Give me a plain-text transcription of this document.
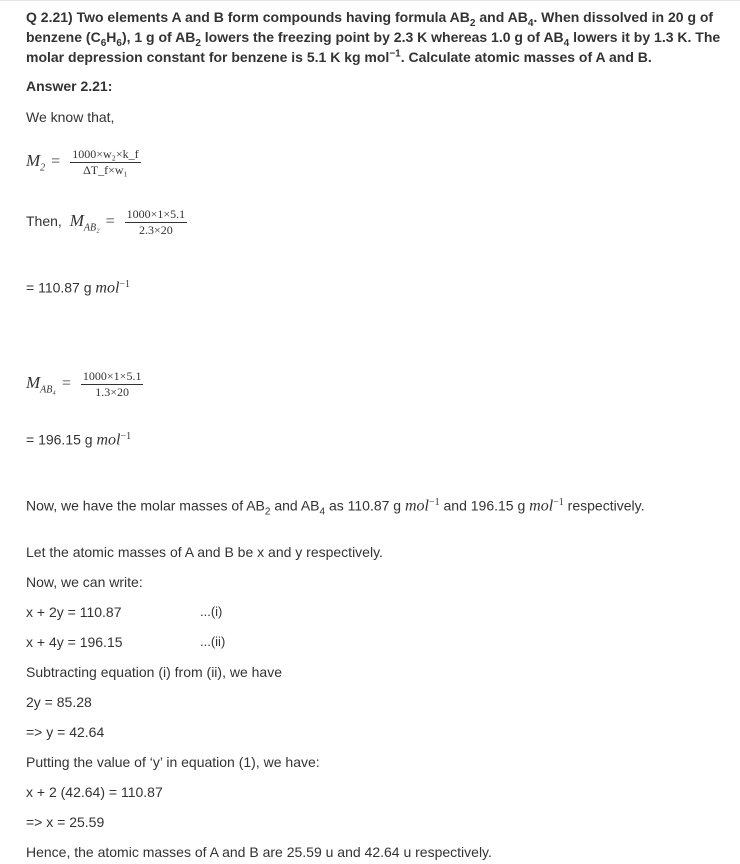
Q 2.21) Two elements A and B form compounds having formula $AB_2$ and $AB_4$. When dissolved in 20 g of benzene $(C_6H_6)$, 1 g of $AB_2$ lowers the freezing point by 2.3 K whereas 1.0 g of $AB_4$ lowers it by 1.3 K. The molar depression constant for benzene is 5.1 K kg mol$^{-1}$. Calculate atomic masses of A and B.
Answer 2.21:
We know that,
$M_2 = \frac{\text{1000×w₂×k\_f}}{\text{ΔT\_f×w₁}}$
Then, $M_{AB_2} = \frac{1000\times 1\times 5.1}{2.3\times 20}$
= 110.87 g mol$^{-1}$
$M_{AB_4} = \frac{1000\times 1\times 5.1}{1.3\times 20}$
= 196.15 g mol$^{-1}$
Now, we have the molar masses of $AB_2$ and $AB_4$ as 110.87 g mol$^{-1}$ and 196.15 g mol$^{-1}$ respectively.
Let the atomic masses of A and B be x and y respectively.
Now, we can write:
x + 2y = 110.87	...(i)
x + 4y = 196.15	...(ii)
Subtracting equation (i) from (ii), we have
2y = 85.28
=> y = 42.64
Putting the value of ‘y’ in equation (1), we have:
x + 2 (42.64) = 110.87
=> x = 25.59
Hence, the atomic masses of A and B are 25.59 u and 42.64 u respectively.
